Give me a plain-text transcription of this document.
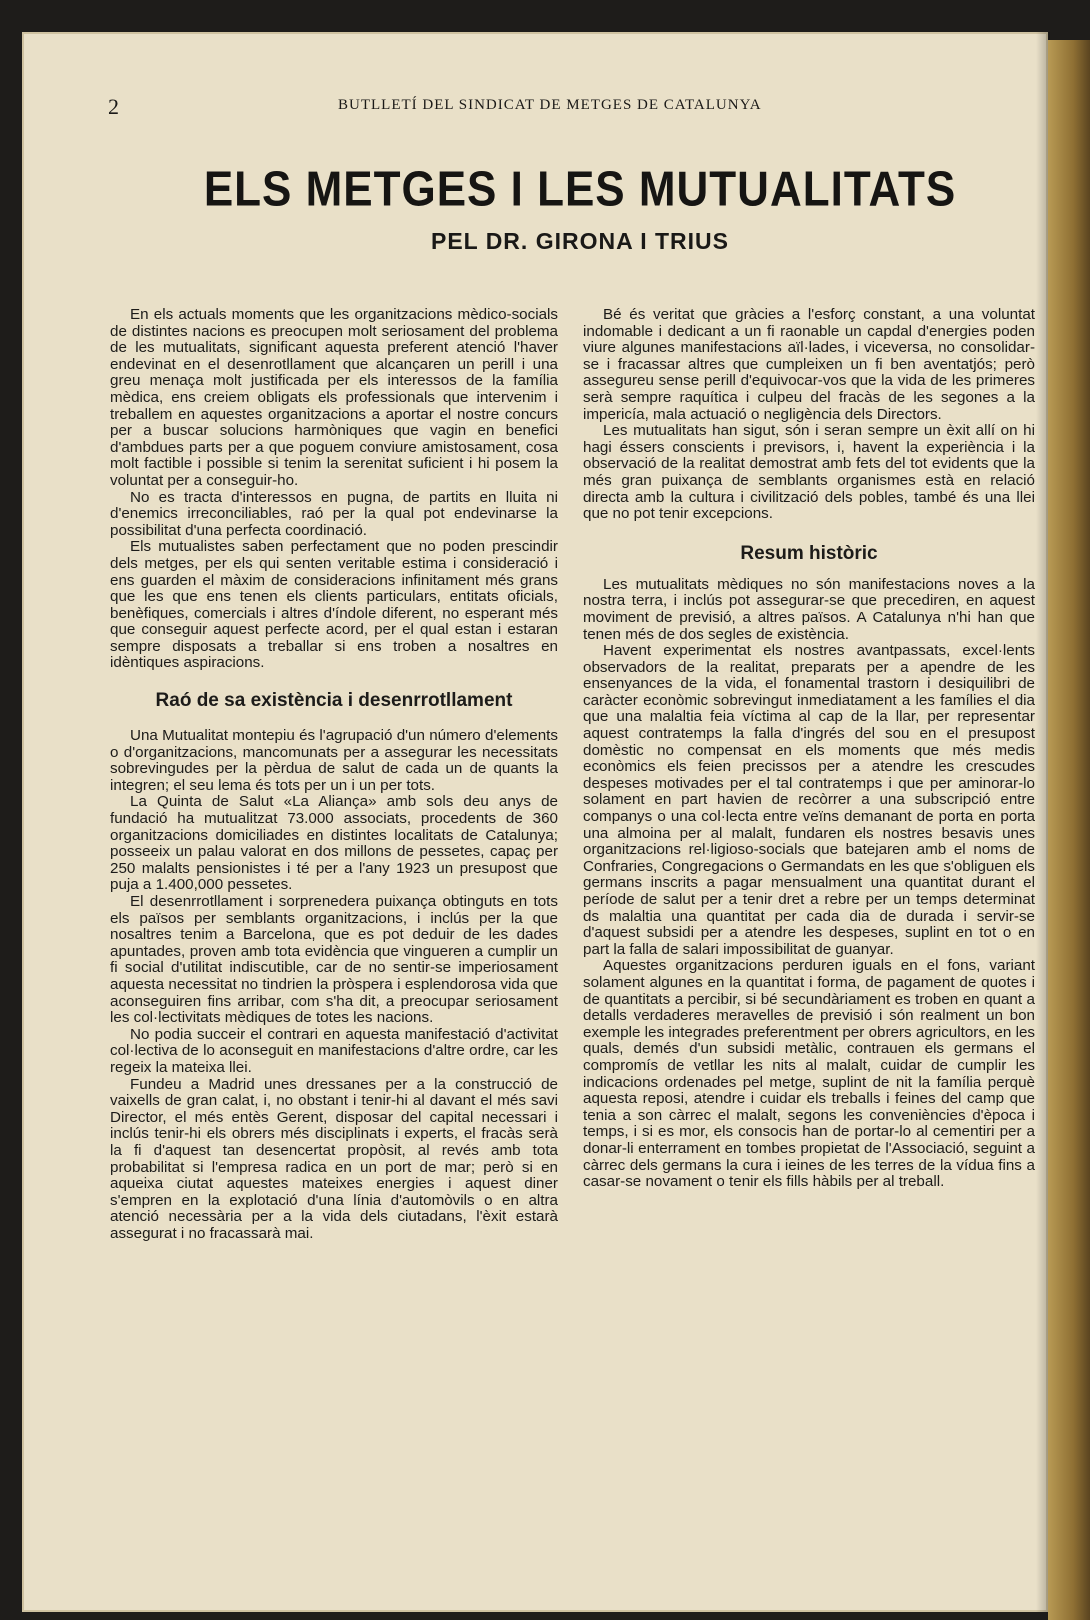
2	BUTLLETÍ DEL SINDICAT DE METGES DE CATALUNYA
ELS METGES I LES MUTUALITATS
PEL DR. GIRONA I TRIUS

En els actuals moments que les organitzacions mèdico-socials de distintes nacions es preocupen molt seriosament del problema de les mutualitats, significant aquesta preferent atenció l'haver endevinat en el desenrotllament que alcançaren un perill i una greu menaça molt justificada per els interessos de la família mèdica, ens creiem obligats els professionals que intervenim i treballem en aquestes organitzacions a aportar el nostre concurs per a buscar solucions harmòniques que vagin en benefici d'ambdues parts per a que poguem conviure amistosament, cosa molt factible i possible si tenim la serenitat suficient i hi posem la voluntat per a conseguir-ho.

No es tracta d'interessos en pugna, de partits en lluita ni d'enemics irreconciliables, raó per la qual pot endevinarse la possibilitat d'una perfecta coordinació.

Els mutualistes saben perfectament que no poden prescindir dels metges, per els qui senten veritable estima i consideració i ens guarden el màxim de consideracions infinitament més grans que les que ens tenen els clients particulars, entitats oficials, benèfiques, comercials i altres d'índole diferent, no esperant més que conseguir aquest perfecte acord, per el qual estan i estaran sempre disposats a treballar si ens troben a nosaltres en idèntiques aspiracions.

Raó de sa existència i desenrrotllament

Una Mutualitat montepiu és l'agrupació d'un número d'elements o d'organitzacions, mancomunats per a assegurar les necessitats sobrevingudes per la pèrdua de salut de cada un de quants la integren; el seu lema és tots per un i un per tots.

La Quinta de Salut «La Aliança» amb sols deu anys de fundació ha mutualitzat 73.000 associats, procedents de 360 organitzacions domiciliades en distintes localitats de Catalunya; posseeix un palau valorat en dos millons de pessetes, capaç per 250 malalts pensionistes i té per a l'any 1923 un presupost que puja a 1.400,000 pessetes.

El desenrrotllament i sorprenedera puixança obtinguts en tots els països per semblants organitzacions, i inclús per la que nosaltres tenim a Barcelona, que es pot deduir de les dades apuntades, proven amb tota evidència que vingueren a cumplir un fi social d'utilitat indiscutible, car de no sentir-se imperiosament aquesta necessitat no tindrien la pròspera i esplendorosa vida que aconseguiren fins arribar, com s'ha dit, a preocupar seriosament les col·lectivitats mèdiques de totes les nacions.

No podia succeir el contrari en aquesta manifestació d'activitat col·lectiva de lo aconseguit en manifestacions d'altre ordre, car les regeix la mateixa llei.

Fundeu a Madrid unes dressanes per a la construcció de vaixells de gran calat, i, no obstant i tenir-hi al davant el més savi Director, el més entès Gerent, disposar del capital necessari i inclús tenir-hi els obrers més disciplinats i experts, el fracàs serà la fi d'aquest tan desencertat propòsit, al revés amb tota probabilitat si l'empresa radica en un port de mar; però si en aqueixa ciutat aquestes mateixes energies i aquest diner s'empren en la explotació d'una línia d'automòvils o en altra atenció necessària per a la vida dels ciutadans, l'èxit estarà assegurat i no fracassarà mai.

Bé és veritat que gràcies a l'esforç constant, a una voluntat indomable i dedicant a un fi raonable un capdal d'energies poden viure algunes manifestacions aïl·lades, i viceversa, no consolidar-se i fracassar altres que cumpleixen un fi ben aventatjós; però assegureu sense perill d'equivocar-vos que la vida de les primeres serà sempre raquítica i culpeu del fracàs de les segones a la impericía, mala actuació o negligència dels Directors.

Les mutualitats han sigut, són i seran sempre un èxit allí on hi hagi éssers conscients i previsors, i, havent la experiència i la observació de la realitat demostrat amb fets del tot evidents que la més gran puixança de semblants organismes està en relació directa amb la cultura i civilització dels pobles, també és una llei que no pot tenir excepcions.

Resum històric

Les mutualitats mèdiques no són manifestacions noves a la nostra terra, i inclús pot assegurar-se que precediren, en aquest moviment de previsió, a altres països. A Catalunya n'hi han que tenen més de dos segles de existència.

Havent experimentat els nostres avantpassats, excel·lents observadors de la realitat, preparats per a apendre de les ensenyances de la vida, el fonamental trastorn i desiquilibri de caràcter econòmic sobrevingut inmediatament a les famílies el dia que una malaltia feia víctima al cap de la llar, per representar aquest contratemps la falla d'ingrés del sou en el presupost domèstic no compensat en els moments que més medis econòmics els feien precissos per a atendre les crescudes despeses motivades per el tal contratemps i que per aminorar-lo solament en part havien de recòrrer a una subscripció entre companys o una col·lecta entre veïns demanant de porta en porta una almoina per al malalt, fundaren els nostres besavis unes organitzacions rel·ligioso-socials que batejaren amb el noms de Confraries, Congregacions o Germandats en les que s'obliguen els germans inscrits a pagar mensualment una quantitat durant el període de salut per a tenir dret a rebre per un temps determinat ds malaltia una quantitat per cada dia de durada i servir-se d'aquest subsidi per a atendre les despeses, suplint en tot o en part la falla de salari impossibilitat de guanyar.

Aquestes organitzacions perduren iguals en el fons, variant solament algunes en la quantitat i forma, de pagament de quotes i de quantitats a percibir, si bé secundàriament es troben en quant a detalls verdaderes meravelles de previsió i són realment un bon exemple les integrades preferentment per obrers agricultors, en les quals, demés d'un subsidi metàlic, contrauen els germans el compromís de vetllar les nits al malalt, cuidar de cumplir les indicacions ordenades pel metge, suplint de nit la família perquè aquesta reposi, atendre i cuidar els treballs i feines del camp que tenia a son càrrec el malalt, segons les conveniències d'època i temps, i si es mor, els consocis han de portar-lo al cementiri per a donar-li enterrament en tombes propietat de l'Associació, seguint a càrrec dels germans la cura i ieines de les terres de la vídua fins a casar-se novament o tenir els fills hàbils per al treball.
